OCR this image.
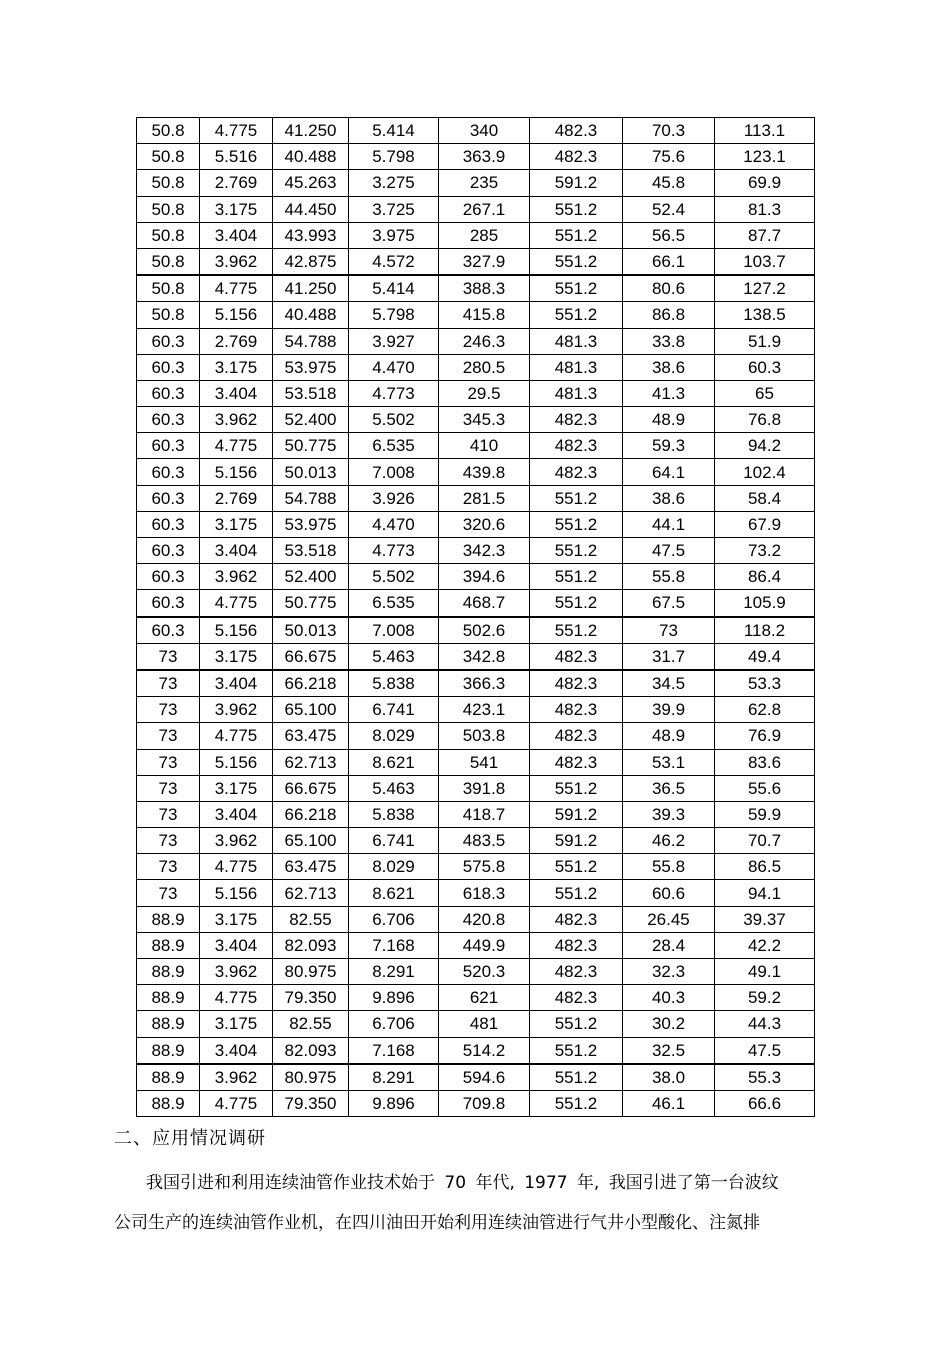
50.8	4.775	41.250	5.414	340	482.3	70.3	113.1
50.8	5.516	40.488	5.798	363.9	482.3	75.6	123.1
50.8	2.769	45.263	3.275	235	591.2	45.8	69.9
50.8	3.175	44.450	3.725	267.1	551.2	52.4	81.3
50.8	3.404	43.993	3.975	285	551.2	56.5	87.7
50.8	3.962	42.875	4.572	327.9	551.2	66.1	103.7
50.8	4.775	41.250	5.414	388.3	551.2	80.6	127.2
50.8	5.156	40.488	5.798	415.8	551.2	86.8	138.5
60.3	2.769	54.788	3.927	246.3	481.3	33.8	51.9
60.3	3.175	53.975	4.470	280.5	481.3	38.6	60.3
60.3	3.404	53.518	4.773	29.5	481.3	41.3	65
60.3	3.962	52.400	5.502	345.3	482.3	48.9	76.8
60.3	4.775	50.775	6.535	410	482.3	59.3	94.2
60.3	5.156	50.013	7.008	439.8	482.3	64.1	102.4
60.3	2.769	54.788	3.926	281.5	551.2	38.6	58.4
60.3	3.175	53.975	4.470	320.6	551.2	44.1	67.9
60.3	3.404	53.518	4.773	342.3	551.2	47.5	73.2
60.3	3.962	52.400	5.502	394.6	551.2	55.8	86.4
60.3	4.775	50.775	6.535	468.7	551.2	67.5	105.9
60.3	5.156	50.013	7.008	502.6	551.2	73	118.2
73	3.175	66.675	5.463	342.8	482.3	31.7	49.4
73	3.404	66.218	5.838	366.3	482.3	34.5	53.3
73	3.962	65.100	6.741	423.1	482.3	39.9	62.8
73	4.775	63.475	8.029	503.8	482.3	48.9	76.9
73	5.156	62.713	8.621	541	482.3	53.1	83.6
73	3.175	66.675	5.463	391.8	551.2	36.5	55.6
73	3.404	66.218	5.838	418.7	591.2	39.3	59.9
73	3.962	65.100	6.741	483.5	591.2	46.2	70.7
73	4.775	63.475	8.029	575.8	551.2	55.8	86.5
73	5.156	62.713	8.621	618.3	551.2	60.6	94.1
88.9	3.175	82.55	6.706	420.8	482.3	26.45	39.37
88.9	3.404	82.093	7.168	449.9	482.3	28.4	42.2
88.9	3.962	80.975	8.291	520.3	482.3	32.3	49.1
88.9	4.775	79.350	9.896	621	482.3	40.3	59.2
88.9	3.175	82.55	6.706	481	551.2	30.2	44.3
88.9	3.404	82.093	7.168	514.2	551.2	32.5	47.5
88.9	3.962	80.975	8.291	594.6	551.2	38.0	55.3
88.9	4.775	79.350	9.896	709.8	551.2	46.1	66.6
二、应用情况调研
我国引进和利用连续油管作业技术始于 70 年代, 1977 年, 我国引进了第一台波纹
公司生产的连续油管作业机，在四川油田开始利用连续油管进行气井小型酸化、注氮排
